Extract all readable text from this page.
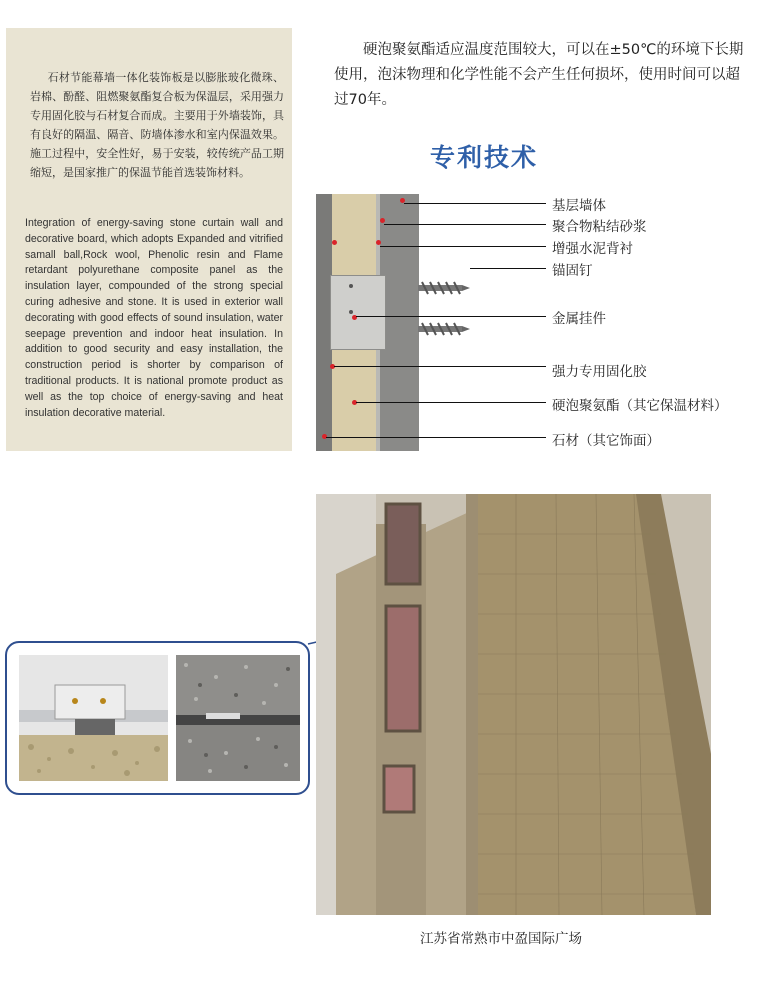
石材节能幕墙一体化装饰板是以膨胀玻化微珠、岩棉、酚醛、阻燃聚氨酯复合板为保温层，采用强力专用固化胶与石材复合而成。主要用于外墙装饰，具有良好的隔温、隔音、防墙体渗水和室内保温效果。施工过程中，安全性好，易于安装，较传统产品工期缩短，是国家推广的保温节能首选装饰材料。

Integration of energy-saving stone curtain wall and decorative board, which adopts Expanded and vitrified samall ball,Rock wool, Phenolic resin and Flame retardant polyurethane composite panel as the insulation layer, compounded of the strong special curing adhesive and stone. It is used in exterior wall decorating with good effects of sound insulation, water seepage prevention and indoor heat insulation. In addition to good security and easy installation, the construction period is shorter by comparison of traditional products. It is national promote product as well as the top choice of energy-saving and heat insulation decorative material.

硬泡聚氨酯适应温度范围较大，可以在±50℃的环境下长期使用，泡沫物理和化学性能不会产生任何损坏，使用时间可以超过70年。

专利技术

基层墙体

聚合物粘结砂浆

增强水泥背衬

锚固钉

金属挂件

强力专用固化胶

硬泡聚氨酯（其它保温材料）

石材（其它饰面）

江苏省常熟市中盈国际广场
